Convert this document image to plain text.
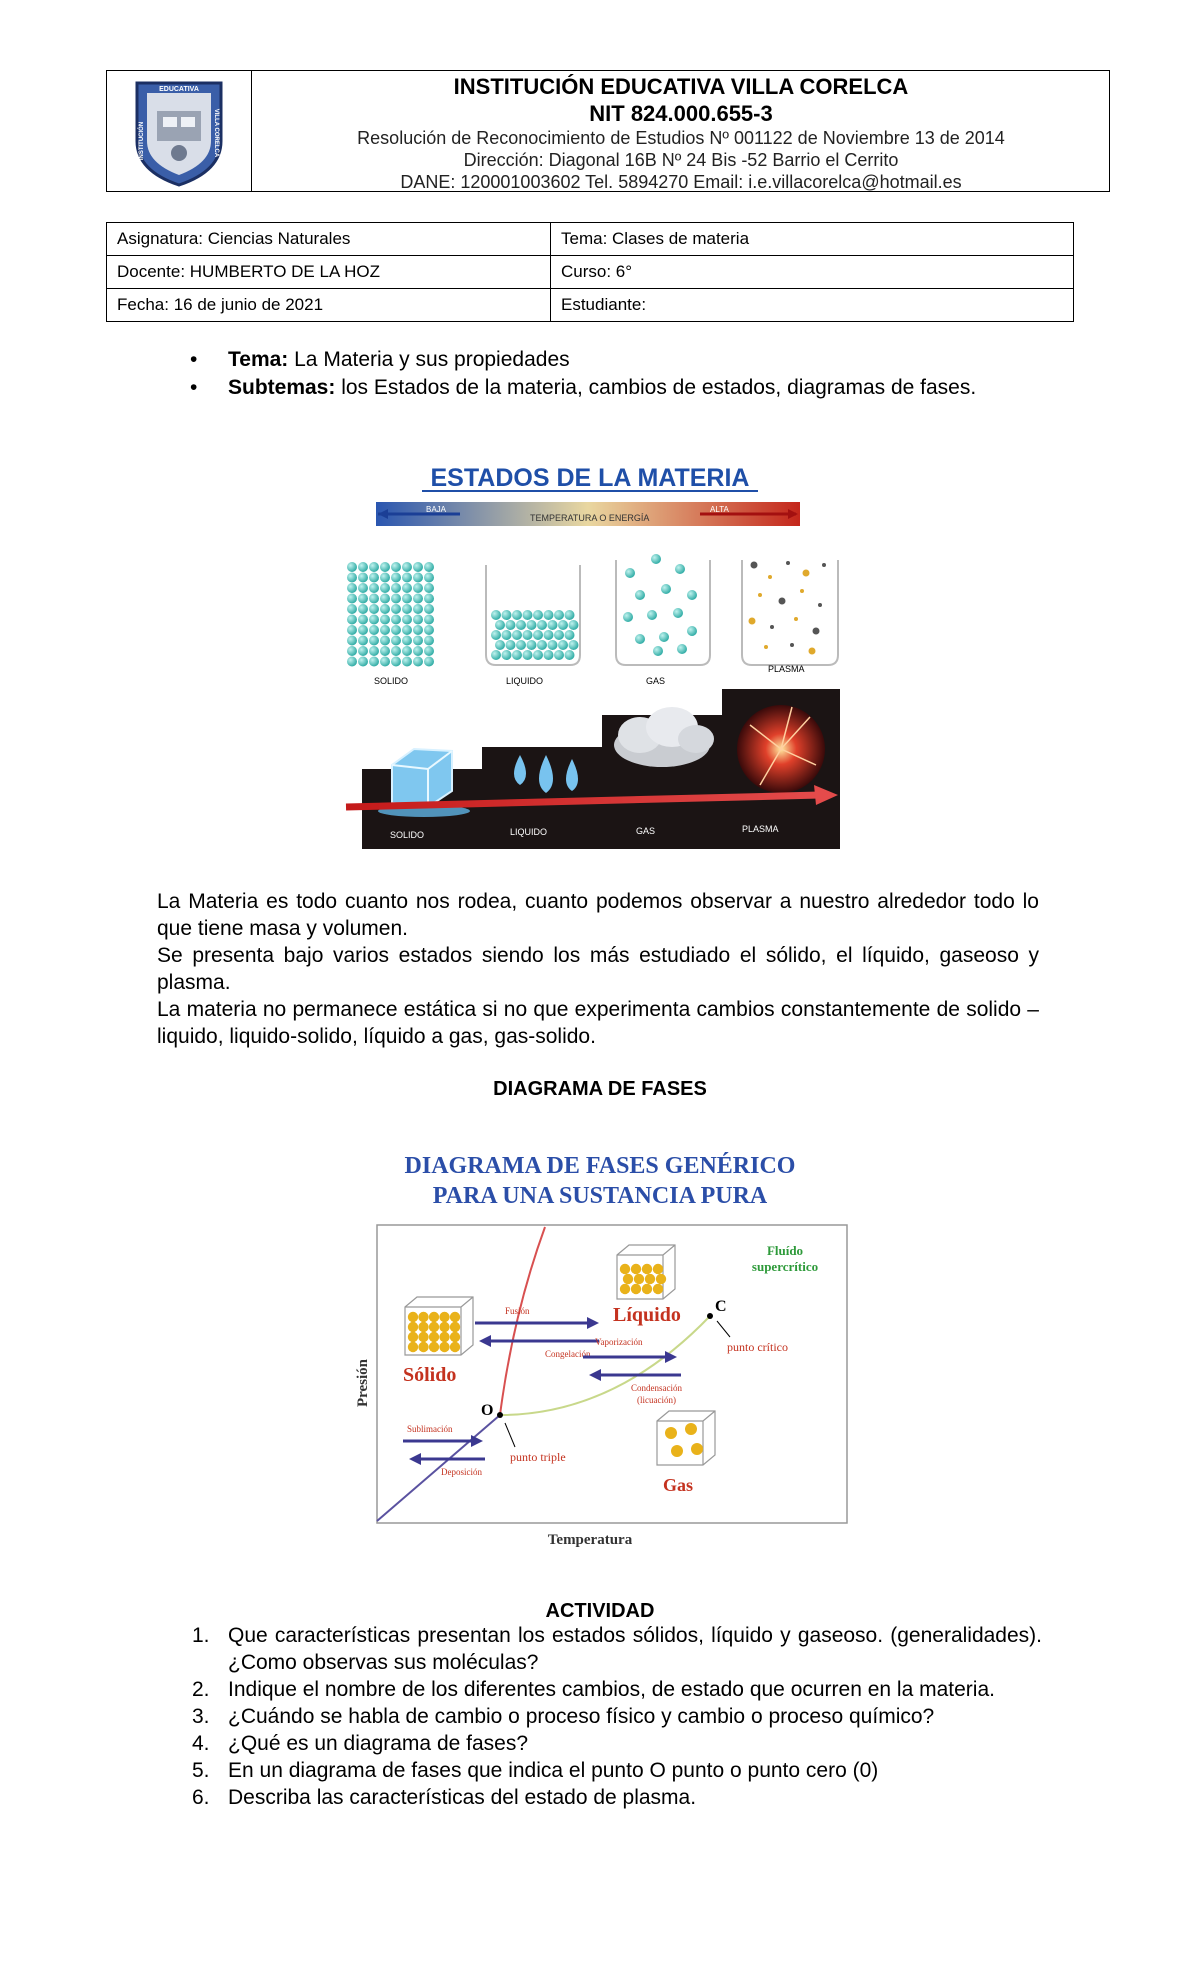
EDUCATIVA
INSTITUCIÓN	VILLA CORELCA
INSTITUCIÓN EDUCATIVA VILLA CORELCA
NIT 824.000.655-3
Resolución de Reconocimiento de Estudios Nº 001122 de Noviembre 13 de 2014
Dirección: Diagonal 16B Nº 24 Bis -52 Barrio el Cerrito
DANE: 120001003602 Tel. 5894270 Email: i.e.villacorelca@hotmail.es
Asignatura: Ciencias Naturales	Tema: Clases de materia
Docente: HUMBERTO DE LA HOZ	Curso: 6°
Fecha: 16 de junio de 2021	Estudiante:
• Tema: La Materia y sus propiedades
• Subtemas: los Estados de la materia, cambios de estados, diagramas de fases.
ESTADOS DE LA MATERIA
BAJA
TEMPERATURA O ENERGÍA
ALTA
SOLIDO	LIQUIDO	GAS
PLASMA
SOLIDO	LIQUIDO	GAS	PLASMA

La Materia es todo cuanto nos rodea, cuanto podemos observar a nuestro alrededor todo lo que tiene masa y volumen.

Se presenta bajo varios estados siendo los más estudiado el sólido, el líquido, gaseoso y plasma.

La materia no permanece estática si no que experimenta cambios constantemente de solido – liquido, liquido-solido, líquido a gas, gas-solido.

DIAGRAMA DE FASES
DIAGRAMA DE FASES GENÉRICO
PARA UNA SUSTANCIA PURA
Presión
Temperatura
Sólido
Líquido
Gas
Fluído
supercrítico
O
C
punto triple
punto crítico
Fusión
Congelación
Vaporización
Condensación
(licuación)
Sublimación
Deposición
ACTIVIDAD
1. Que características presentan los estados sólidos, líquido y gaseoso. (generalidades). ¿Como observas sus moléculas?
2. Indique el nombre de los diferentes cambios, de estado que ocurren en la materia.
3. ¿Cuándo se habla de cambio o proceso físico y cambio o proceso químico?
4. ¿Qué es un diagrama de fases?
5. En un diagrama de fases que indica el punto O punto o punto cero (0)
6. Describa las características del estado de plasma.
